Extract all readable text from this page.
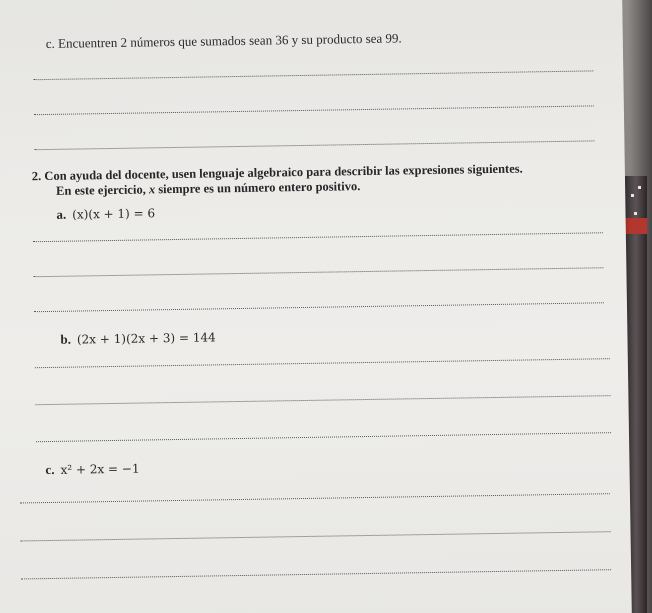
c. Encuentren 2 números que sumados sean 36 y su producto sea 99.
2. Con ayuda del docente, usen lenguaje algebraico para describir las expresiones siguientes.
En este ejercicio, x siempre es un número entero positivo.
a. (x)(x + 1) = 6
b. (2x + 1)(2x + 3) = 144
c. x² + 2x = −1
